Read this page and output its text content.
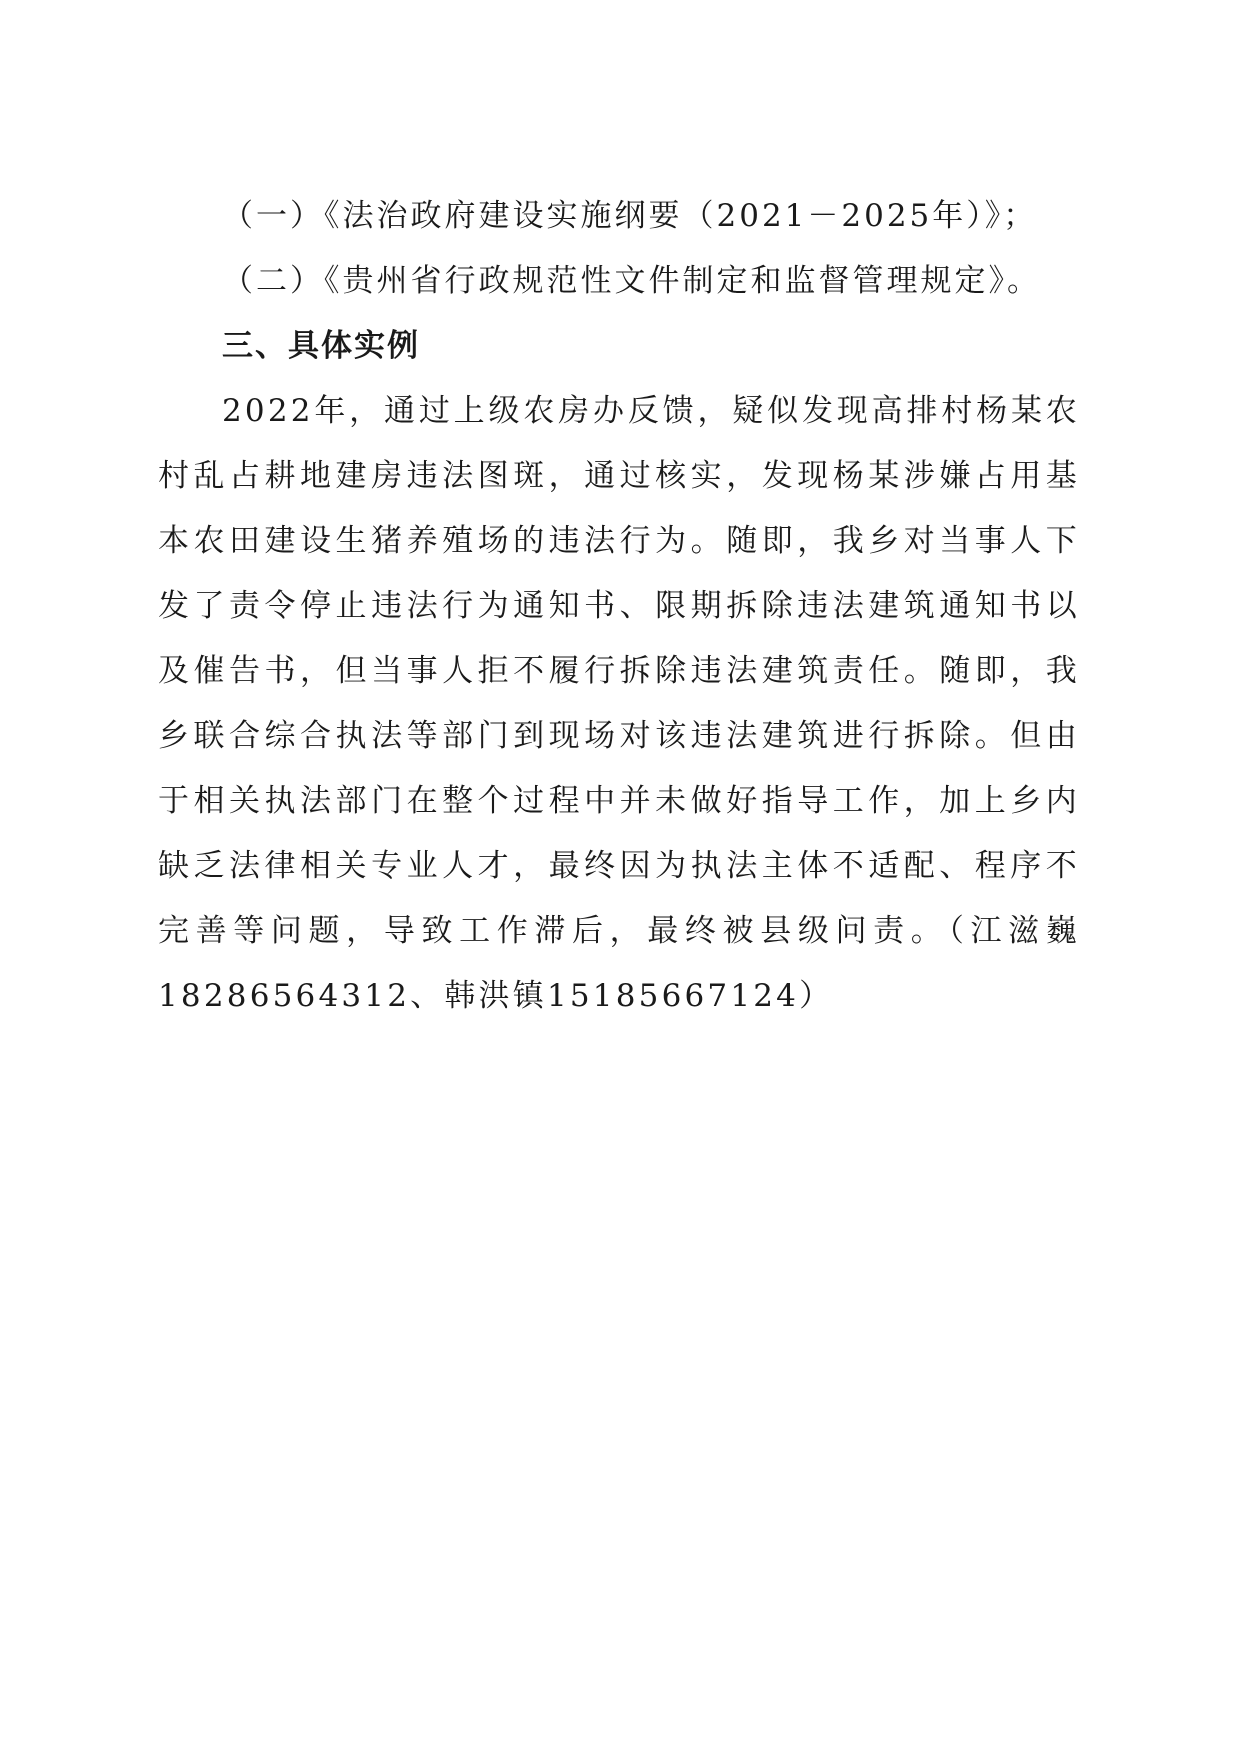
（一）《法治政府建设实施纲要（2021－2025年）》；
（二）《贵州省行政规范性文件制定和监督管理规定》。
三、具体实例
2022年，通过上级农房办反馈，疑似发现高排村杨某农村乱占耕地建房违法图斑，通过核实，发现杨某涉嫌占用基本农田建设生猪养殖场的违法行为。随即，我乡对当事人下发了责令停止违法行为通知书、限期拆除违法建筑通知书以及催告书，但当事人拒不履行拆除违法建筑责任。随即，我乡联合综合执法等部门到现场对该违法建筑进行拆除。但由于相关执法部门在整个过程中并未做好指导工作，加上乡内缺乏法律相关专业人才，最终因为执法主体不适配、程序不完善等问题，导致工作滞后，最终被县级问责。（江滋巍18286564312、韩洪镇15185667124）
